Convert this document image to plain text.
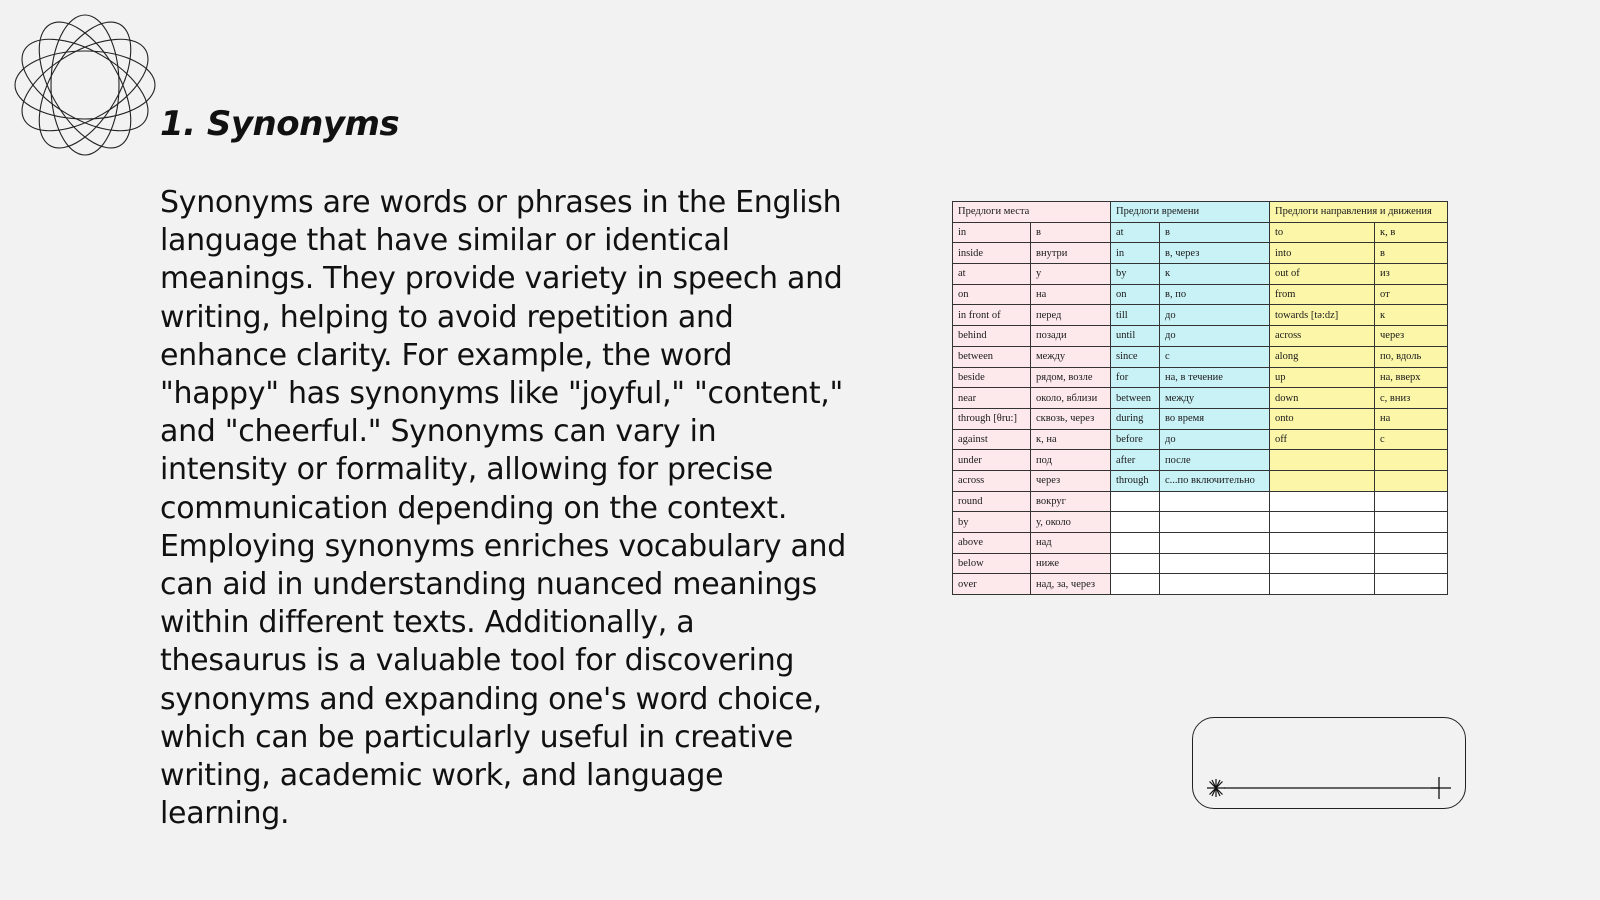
1. Synonyms

Synonyms are words or phrases in the English language that have similar or identical meanings. They provide variety in speech and writing, helping to avoid repetition and enhance clarity. For example, the word "happy" has synonyms like "joyful," "content," and "cheerful." Synonyms can vary in intensity or formality, allowing for precise communication depending on the context. Employing synonyms enriches vocabulary and can aid in understanding nuanced meanings within different texts. Additionally, a thesaurus is a valuable tool for discovering synonyms and expanding one's word choice, which can be particularly useful in creative writing, academic work, and language learning.

Предлоги места		Предлоги времени		Предлоги направления и движения	
in	в	at	в	to	к, в
inside	внутри	in	в, через	into	в
at	у	by	к	out of	из
on	на	on	в, по	from	от
in front of	перед	till	до	towards [tə:dz]	к
behind	позади	until	до	across	через
between	между	since	с	along	по, вдоль
beside	рядом, возле	for	на, в течение	up	на, вверх
near	около, вблизи	between	между	down	с, вниз
through [θru:]	сквозь, через	during	во время	onto	на
against	к, на	before	до	off	с
under	под	after	после		
across	через	through	с...по включительно		
round	вокруг				
by	у, около				
above	над				
below	ниже				
over	над, за, через				
